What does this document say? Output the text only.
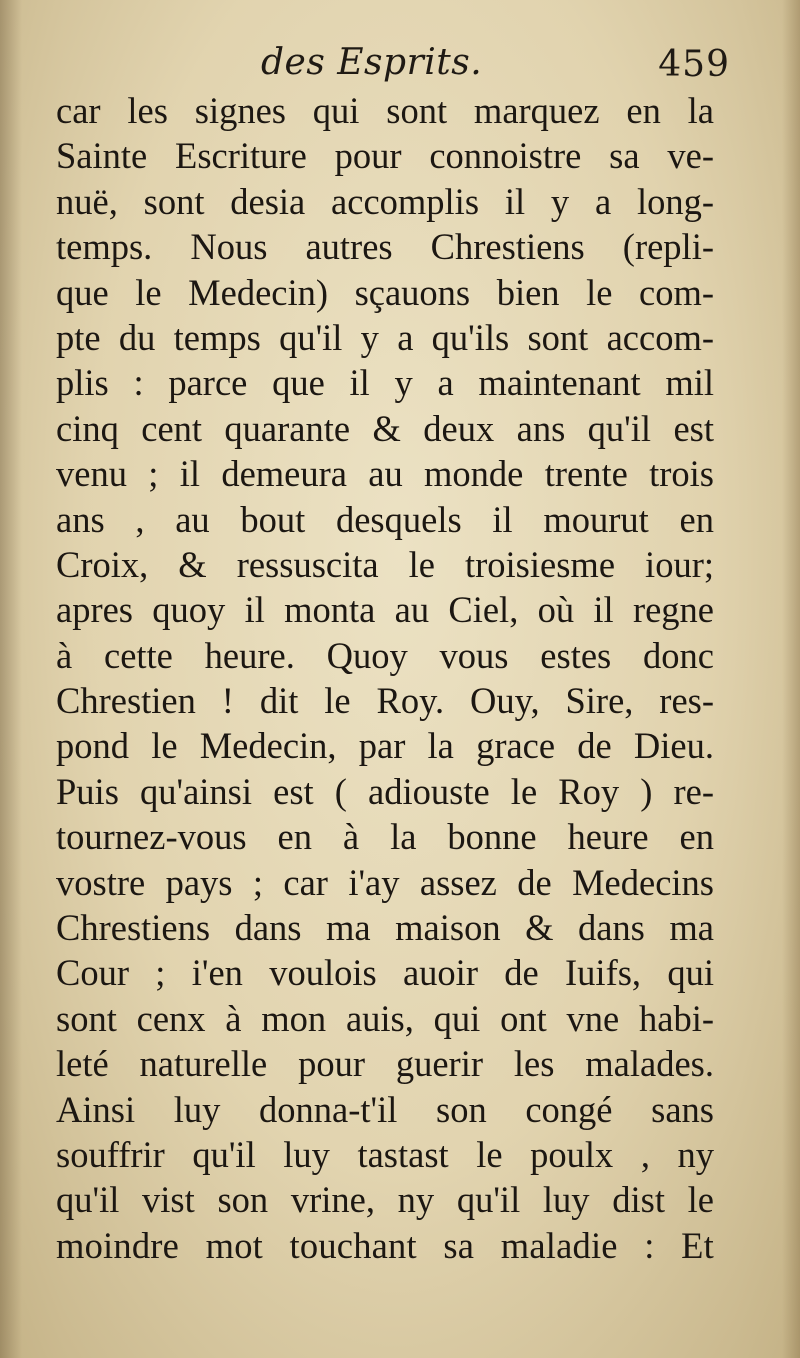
des Esprits.	459
car les signes qui sont marquez en la
Sainte Escriture pour connoistre sa ve-
nuë, sont desia accomplis il y a long-
temps. Nous autres Chrestiens (repli-
que le Medecin) sçauons bien le com-
pte du temps qu'il y a qu'ils sont accom-
plis : parce que il y a maintenant mil
cinq cent quarante & deux ans qu'il est
venu ; il demeura au monde trente trois
ans , au bout desquels il mourut en
Croix, & ressuscita le troisiesme iour;
apres quoy il monta au Ciel, où il regne
à cette heure. Quoy vous estes donc
Chrestien ! dit le Roy. Ouy, Sire, res-
pond le Medecin, par la grace de Dieu.
Puis qu'ainsi est ( adiouste le Roy ) re-
tournez-vous en à la bonne heure en
vostre pays ; car i'ay assez de Medecins
Chrestiens dans ma maison & dans ma
Cour ; i'en voulois auoir de Iuifs, qui
sont cenx à mon auis, qui ont vne habi-
leté naturelle pour guerir les malades.
Ainsi luy donna-t'il son congé sans
souffrir qu'il luy tastast le poulx , ny
qu'il vist son vrine, ny qu'il luy dist le
moindre mot touchant sa maladie : Et
